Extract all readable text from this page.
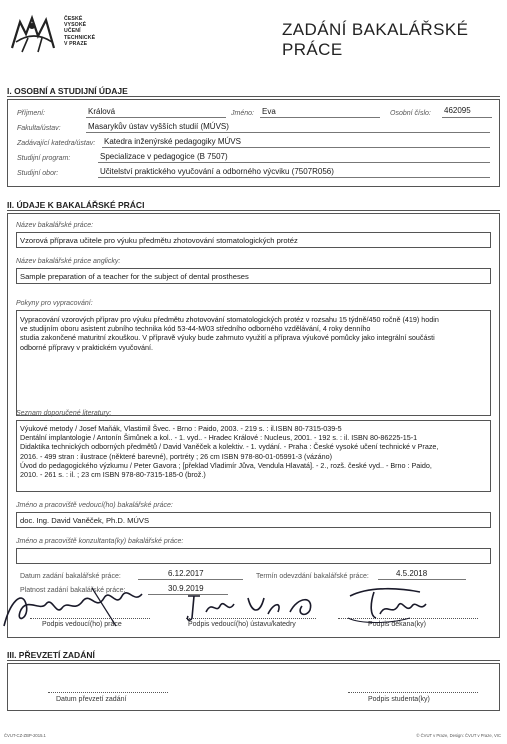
ČESKÉ
VYSOKÉ
UČENÍ
TECHNICKÉ
V PRAZE
ZADÁNÍ BAKALÁŘSKÉ PRÁCE
I. OSOBNÍ A STUDIJNÍ ÚDAJE
Příjmení:	Králová	Jméno: Eva	Osobní číslo: 462095
Fakulta/ústav:	Masarykův ústav vyšších studií (MÚVS)
Zadávající katedra/ústav: Katedra inženýrské pedagogiky MÚVS
Studijní program:	Specializace v pedagogice (B 7507)
Studijní obor:	Učitelství praktického vyučování a odborného výcviku (7507R056)
II. ÚDAJE K BAKALÁŘSKÉ PRÁCI
Název bakalářské práce:
Vzorová příprava učitele pro výuku předmětu zhotovování stomatologických protéz
Název bakalářské práce anglicky:
Sample preparation of a teacher for the subject of dental prostheses
Pokyny pro vypracování:
Vypracování vzorových příprav pro výuku předmětu zhotovování stomatologických protéz v rozsahu 15 týdně/450 ročně (419) hodin
ve studijním oboru asistent zubního technika kód 53-44-M/03 středního odborného vzdělávání, 4 roky denního
studia zakončené maturitní zkouškou. V přípravě výuky bude zahrnuto využití a příprava výukové pomůcky jako integrální součásti
odborné přípravy v praktickém vyučování.
Seznam doporučené literatury:
Výukové metody / Josef Maňák, Vlastimil Švec. - Brno : Paido, 2003. - 219 s. : il.ISBN 80-7315-039-5
Dentální implantologie / Antonín Šimůnek a kol.. - 1. vyd.. - Hradec Králové : Nucleus, 2001. - 192 s. : il. ISBN 80-86225-15-1
Didaktika technických odborných předmětů / David Vaněček a kolektiv. - 1. vydání. - Praha : České vysoké učení technické v Praze,
2016. - 499 stran : ilustrace (některé barevné), portréty ; 26 cm ISBN 978-80-01-05991-3 (vázáno)
Úvod do pedagogického výzkumu / Peter Gavora ; [překlad Vladimír Jůva, Vendula Hlavatá]. - 2., rozš. české vyd.. - Brno : Paido,
2010. - 261 s. : il. ; 23 cm ISBN 978-80-7315-185-0 (brož.)
Jméno a pracoviště vedoucí(ho) bakalářské práce:
doc. Ing. David Vaněček, Ph.D. MÚVS
Jméno a pracoviště konzultanta(ky) bakalářské práce:
Datum zadání bakalářské práce:	6.12.2017	Termín odevzdání bakalářské práce:	4.5.2018
Platnost zadání bakalářské práce:	30.9.2019
Podpis vedoucí(ho) práce	Podpis vedoucí(ho) ústavu/katedry	Podpis děkana(ky)
III. PŘEVZETÍ ZADÁNÍ
Datum převzetí zadání	Podpis studenta(ky)
ČVUT-CZ-ZBP-2015.1	© ČVUT v Praze, Design: ČVUT v Praze, VIC
